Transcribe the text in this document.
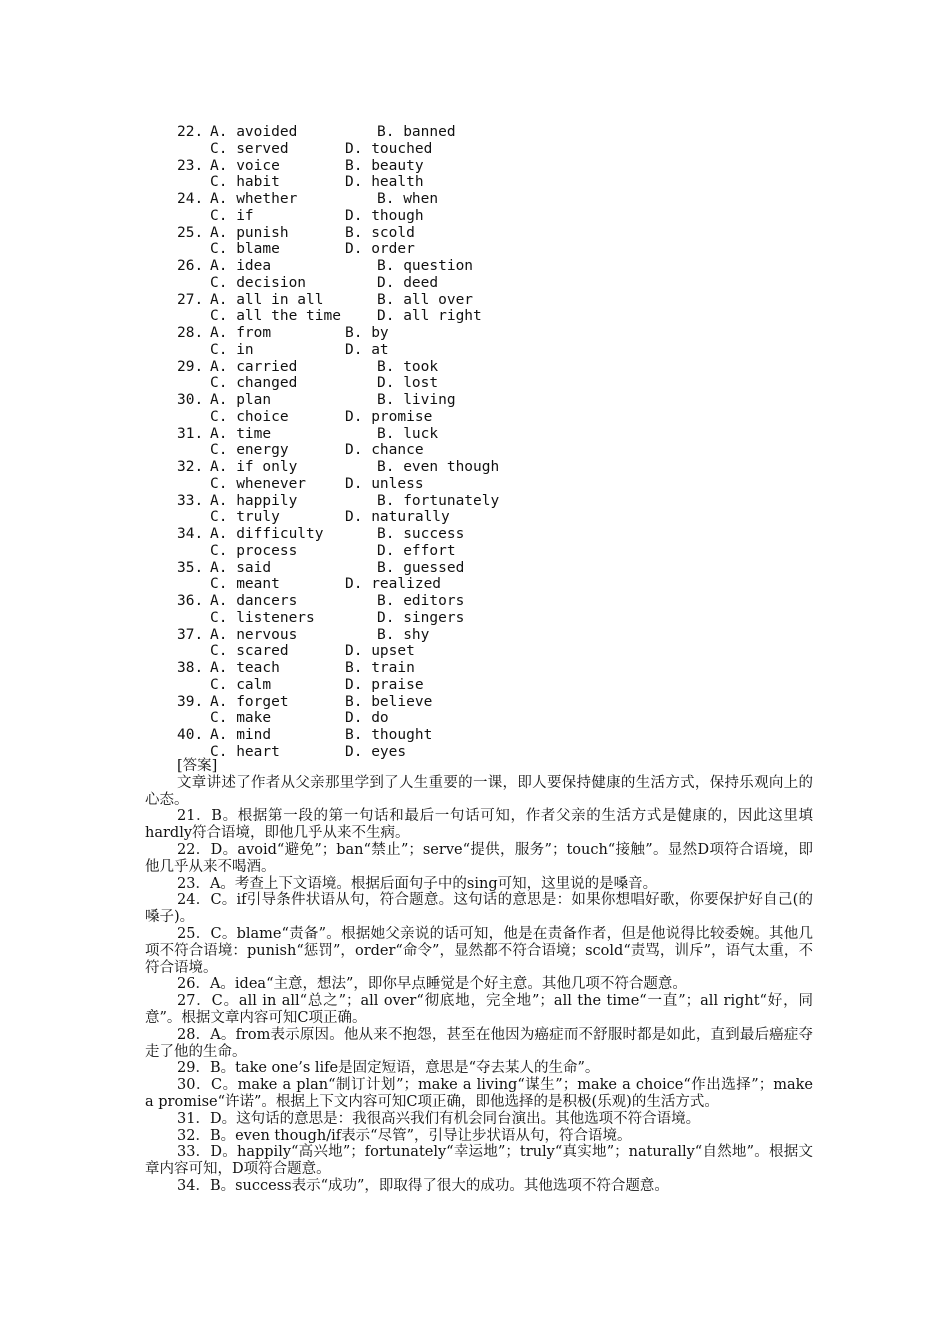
22. A. avoided	B. banned
C. served	D. touched
23. A. voice	B. beauty
C. habit	D. health
24. A. whether	B. when
C. if	D. though
25. A. punish	B. scold
C. blame	D. order
26. A. idea	B. question
C. decision	D. deed
27. A. all in all	B. all over
C. all the time D. all right
28. A. from	B. by
C. in	D. at
29. A. carried	B. took
C. changed	D. lost
30. A. plan	B. living
C. choice	D. promise
31. A. time	B. luck
C. energy	D. chance
32. A. if only	B. even though
C. whenever	D. unless
33. A. happily	B. fortunately
C. truly	D. naturally
34. A. difficulty	B. success
C. process	D. effort
35. A. said	B. guessed
C. meant	D. realized
36. A. dancers	B. editors
C. listeners	D. singers
37. A. nervous	B. shy
C. scared	D. upset
38. A. teach	B. train
C. calm	D. praise
39. A. forget	B. believe
C. make	D. do
40. A. mind	B. thought
C. heart	D. eyes
[答案]

文章讲述了作者从父亲那里学到了人生重要的一课，即人要保持健康的生活方式，保持乐观向上的心态。

21．B。根据第一段的第一句话和最后一句话可知，作者父亲的生活方式是健康的，因此这里填hardly符合语境，即他几乎从来不生病。

22．D。avoid“避免”；ban“禁止”；serve“提供，服务”；touch“接触”。显然D项符合语境，即他几乎从来不喝酒。

23．A。考查上下文语境。根据后面句子中的sing可知，这里说的是嗓音。

24．C。if引导条件状语从句，符合题意。这句话的意思是：如果你想唱好歌，你要保护好自己(的嗓子)。

25．C。blame“责备”。根据她父亲说的话可知，他是在责备作者，但是他说得比较委婉。其他几项不符合语境：punish“惩罚”，order“命令”，显然都不符合语境；scold“责骂，训斥”，语气太重，不符合语境。

26．A。idea“主意，想法”，即你早点睡觉是个好主意。其他几项不符合题意。

27．C。all in all“总之”；all over“彻底地，完全地”；all the time“一直”；all right“好，同意”。根据文章内容可知C项正确。

28．A。from表示原因。他从来不抱怨，甚至在他因为癌症而不舒服时都是如此，直到最后癌症夺走了他的生命。

29．B。take one’s life是固定短语，意思是“夺去某人的生命”。

30．C。make a plan“制订计划”；make a living“谋生”；make a choice“作出选择”；make a promise“许诺”。根据上下文内容可知C项正确，即他选择的是积极(乐观)的生活方式。

31．D。这句话的意思是：我很高兴我们有机会同台演出。其他选项不符合语境。

32．B。even though/if表示“尽管”，引导让步状语从句，符合语境。

33．D。happily“高兴地”；fortunately“幸运地”；truly“真实地”；naturally“自然地”。根据文章内容可知，D项符合题意。

34．B。success表示“成功”，即取得了很大的成功。其他选项不符合题意。
